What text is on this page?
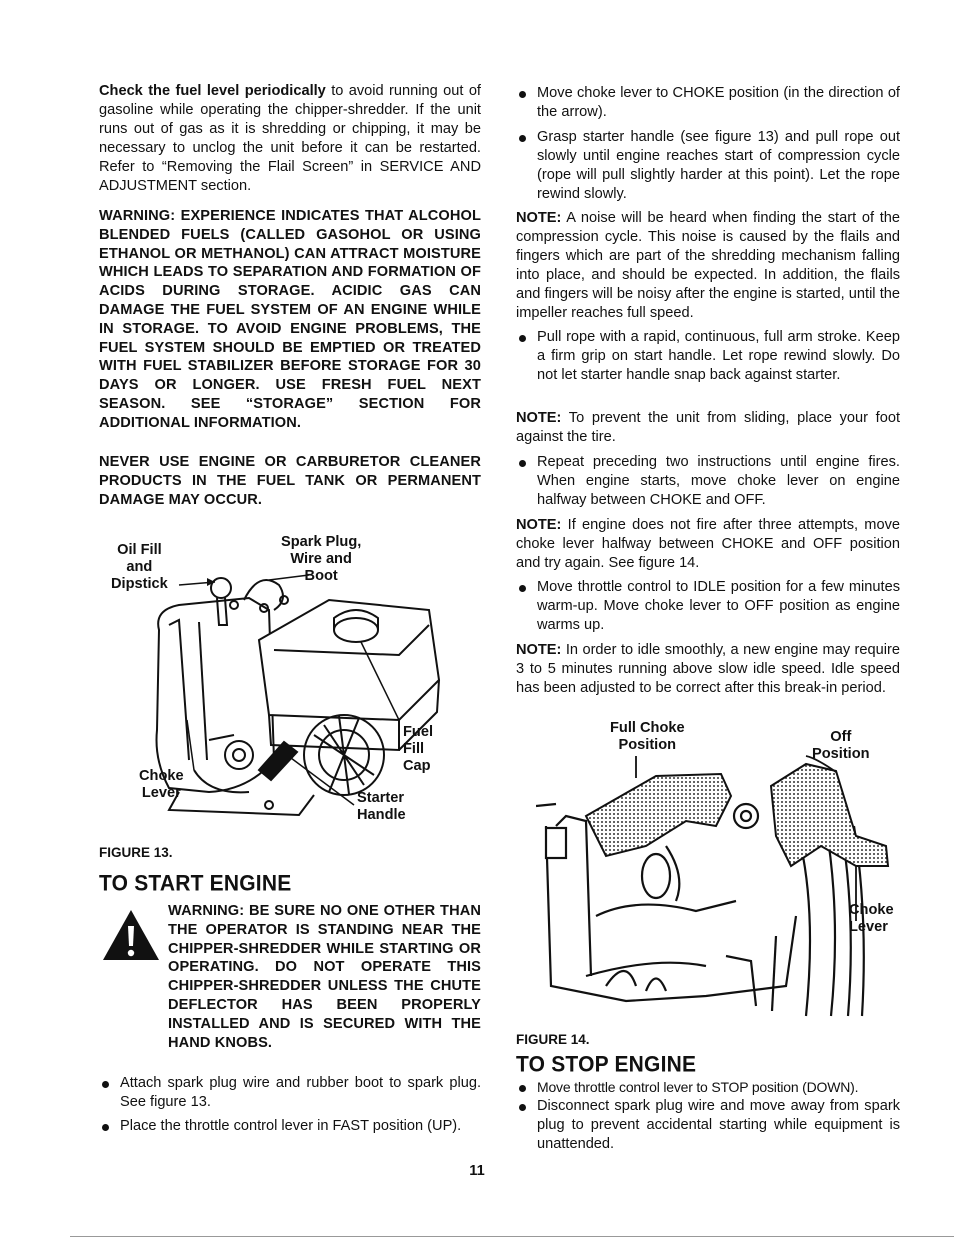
Check the fuel level periodically to avoid running out of gasoline while operating the chipper-shredder. If the unit runs out of gas as it is shredding or chipping, it may be necessary to unclog the unit before it can be restarted. Refer to “Removing the Flail Screen” in SERVICE AND ADJUSTMENT section.

WARNING: EXPERIENCE INDICATES THAT ALCOHOL BLENDED FUELS (CALLED GASOHOL OR USING ETHANOL OR METHANOL) CAN ATTRACT MOISTURE WHICH LEADS TO SEPARATION AND FORMATION OF ACIDS DURING STORAGE. ACIDIC GAS CAN DAMAGE THE FUEL SYSTEM OF AN ENGINE WHILE IN STORAGE. TO AVOID ENGINE PROBLEMS, THE FUEL SYSTEM SHOULD BE EMPTIED OR TREATED WITH FUEL STABILIZER BEFORE STORAGE FOR 30 DAYS OR LONGER. USE FRESH FUEL NEXT SEASON. SEE “STORAGE” SECTION FOR ADDITIONAL INFORMATION.

NEVER USE ENGINE OR CARBURETOR CLEANER PRODUCTS IN THE FUEL TANK OR PERMANENT DAMAGE MAY OCCUR.

Oil Fill
and
Dipstick
Spark Plug,
Wire and
Boot
Fuel
Fill
Cap
Choke
Lever	Starter
Handle

FIGURE 13.

TO START ENGINE

WARNING: BE SURE NO ONE OTHER THAN THE OPERATOR IS STANDING NEAR THE CHIPPER-SHREDDER WHILE STARTING OR OPERATING. DO NOT OPERATE THIS CHIPPER-SHREDDER UNLESS THE CHUTE DEFLECTOR HAS BEEN PROPERLY INSTALLED AND IS SECURED WITH THE HAND KNOBS.

Attach spark plug wire and rubber boot to spark plug. See figure 13.
Place the throttle control lever in FAST position (UP).
Move choke lever to CHOKE position (in the direction of the arrow).
Grasp starter handle (see figure 13) and pull rope out slowly until engine reaches start of compression cycle (rope will pull slightly harder at this point). Let the rope rewind slowly.

NOTE: A noise will be heard when finding the start of the compression cycle. This noise is caused by the flails and fingers which are part of the shredding mechanism falling into place, and should be expected. In addition, the flails and fingers will be noisy after the engine is started, until the impeller reaches full speed.

Pull rope with a rapid, continuous, full arm stroke. Keep a firm grip on start handle. Let rope rewind slowly. Do not let starter handle snap back against starter.

NOTE: To prevent the unit from sliding, place your foot against the tire.

Repeat preceding two instructions until engine fires. When engine starts, move choke lever on engine halfway between CHOKE and OFF.

NOTE: If engine does not fire after three attempts, move choke lever halfway between CHOKE and OFF position and try again. See figure 14.

Move throttle control to IDLE position for a few minutes warm-up. Move choke lever to OFF position as engine warms up.

NOTE: In order to idle smoothly, a new engine may require 3 to 5 minutes running above slow idle speed. Idle speed has been adjusted to be correct after this break-in period.

Full Choke
Position	Off
Position
Choke
Lever

FIGURE 14.

TO STOP ENGINE
Move throttle control lever to STOP position (DOWN).
Disconnect spark plug wire and move away from spark plug to prevent accidental starting while equipment is unattended.
11
